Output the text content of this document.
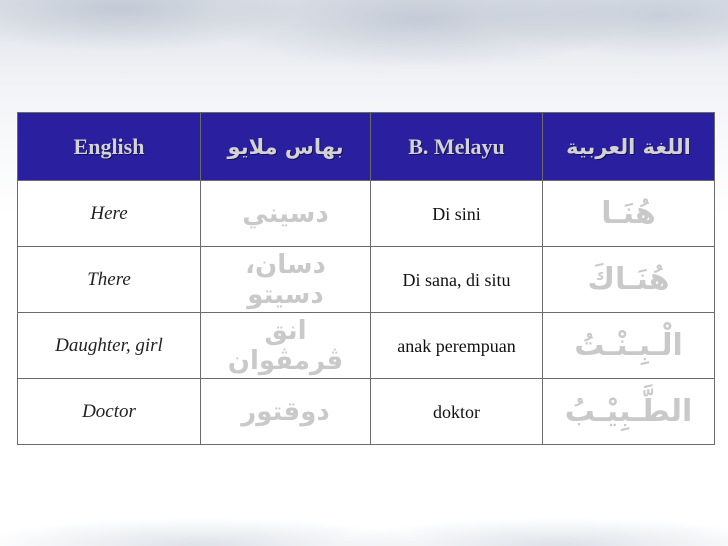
English	بهاس ملايو	B. Melayu	اللغة العربية
Here	دسيني	Di sini	هُنَـا
There	دسان، دسيتو	Di sana, di situ	هُنَـاكَ
Daughter, girl	انق ڤرمڤوان	anak perempuan	الْـبِـنْـتُ
Doctor	دوقتور	doktor	الطَّـبِيْـبُ
